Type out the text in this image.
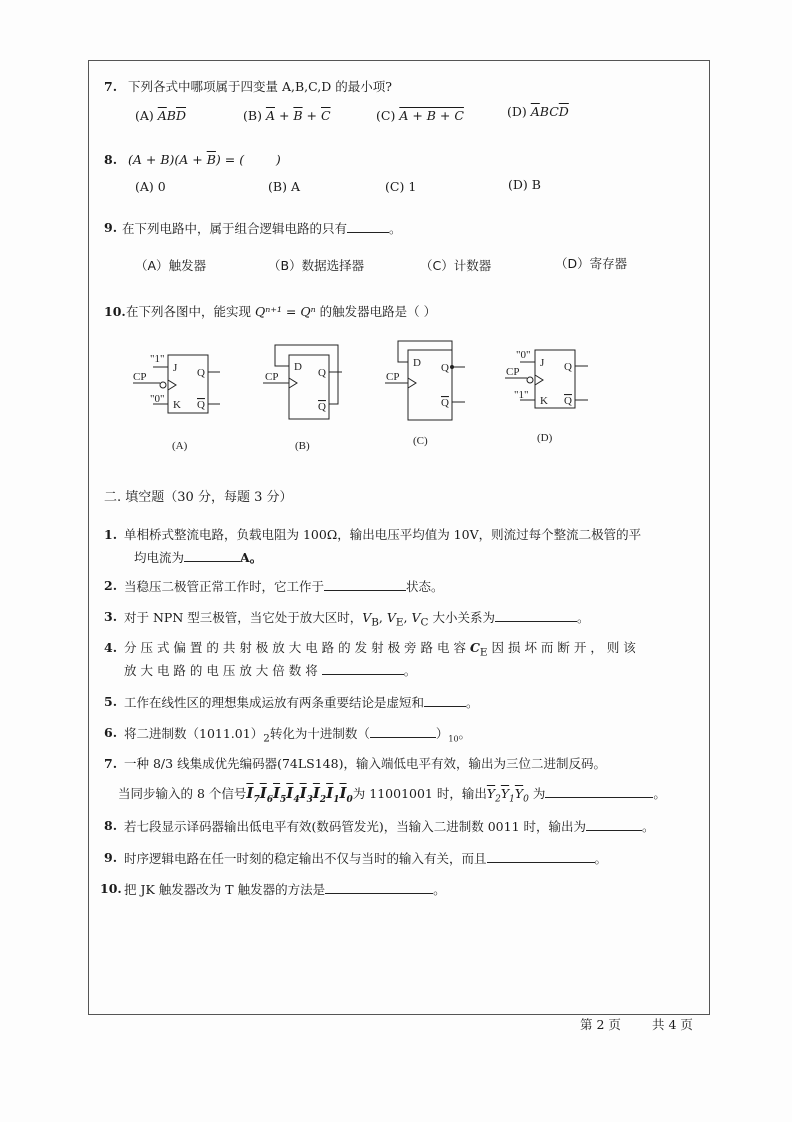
7. 下列各式中哪项属于四变量 A,B,C,D 的最小项?
(A) $\overline{A}B\overline{D}$	(B) $\overline{A} + \overline{B} + \overline{C}$	(C) A + B + C	(D) $\overline{A}BC\overline{D}$
8. $(A + B)(A + \overline{B})$ = (        )
(A) 0	(B) A	(C) 1	(D) B
9. 在下列电路中，属于组合逻辑电路的只有	。
（A）触发器	（B）数据选择器	（C）计数器	（D）寄存器
10. 在下列各图中，能实现 Qⁿ⁺¹ = Qⁿ 的触发器电路是（ ）
"1"
"0"
J
K
CP	Q
Q
(A)
D
CP	Q
Q
(B)
D
CP
Q
Q
(C)
"0"
"1"
J
K
CP	Q
Q
(D)
二. 填空题（30 分，每题 3 分）
1. 单相桥式整流电路，负载电阻为 100Ω，输出电压平均值为 10V，则流过每个整流二极管的平
均电流为	A。
2. 当稳压二极管正常工作时，它工作于	状态。
3. 对于 NPN 型三极管，当它处于放大区时，$V_B$, $V_E$, $V_C$ 大小关系为	。
4. 分 压 式 偏 置 的 共 射 极 放 大 电 路 的 发 射 极 旁 路 电 容 $C_E$ 因 损 坏 而 断 开 ， 则 该
放 大 电 路 的 电 压 放 大 倍 数 将	。
5. 工作在线性区的理想集成运放有两条重要结论是虚短和	。
6. 将二进制数$(1011.01)_2$转化为十进制数（	）$_{10}$。
7. 一种 8/3 线集成优先编码器(74LS148)，输入端低电平有效，输出为三位二进制反码。
当同步输入的 8 个信号$\overline{I}_7\overline{I}_6\overline{I}_5\overline{I}_4\overline{I}_3\overline{I}_2\overline{I}_1\overline{I}_0$为 11001001 时，输出$\overline{Y}_2\overline{Y}_1\overline{Y}_0$ 为	。
8. 若七段显示译码器输出低电平有效(数码管发光)，当输入二进制数 0011 时，输出为	。
9. 时序逻辑电路在任一时刻的稳定输出不仅与当时的输入有关，而且	。
10. 把 JK 触发器改为 T 触发器的方法是	。
第 2 页 共 4 页
